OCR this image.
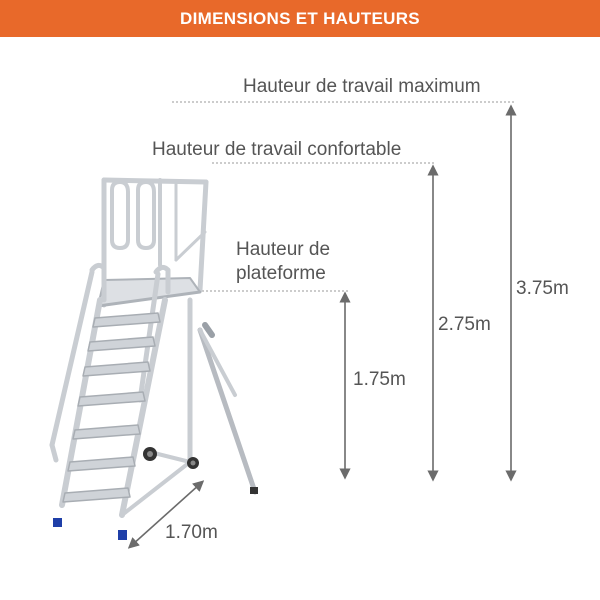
DIMENSIONS ET HAUTEURS
Hauteur de travail maximum
Hauteur de travail confortable
Hauteur de
plateforme
3.75m
2.75m
1.75m
1.70m
